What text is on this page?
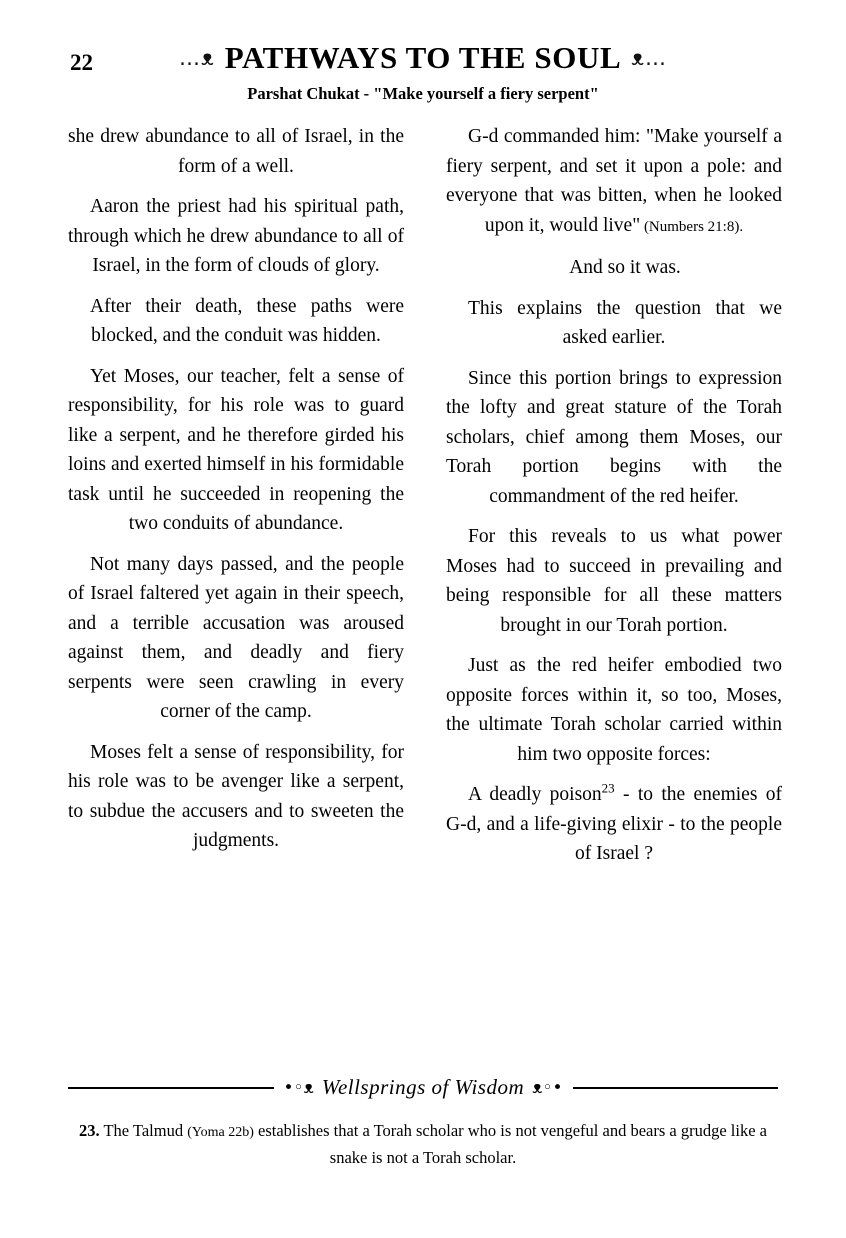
22	…ᴥ PATHWAYS TO THE SOUL ᴥ…
Parshat Chukat - "Make yourself a fiery serpent"

she drew abundance to all of Israel, in the form of a well.

Aaron the priest had his spiritual path, through which he drew abundance to all of Israel, in the form of clouds of glory.

After their death, these paths were blocked, and the conduit was hidden.

Yet Moses, our teacher, felt a sense of responsibility, for his role was to guard like a serpent, and he therefore girded his loins and exerted himself in his formidable task until he succeeded in reopening the two conduits of abundance.

Not many days passed, and the people of Israel faltered yet again in their speech, and a terrible accusation was aroused against them, and deadly and fiery serpents were seen crawling in every corner of the camp.

Moses felt a sense of responsibility, for his role was to be avenger like a serpent, to subdue the accusers and to sweeten the judgments.

G-d commanded him: "Make yourself a fiery serpent, and set it upon a pole: and everyone that was bitten, when he looked upon it, would live" (Numbers 21:8).

And so it was.

This explains the question that we asked earlier.

Since this portion brings to expression the lofty and great stature of the Torah scholars, chief among them Moses, our Torah portion begins with the commandment of the red heifer.

For this reveals to us what power Moses had to succeed in prevailing and being responsible for all these matters brought in our Torah portion.

Just as the red heifer embodied two opposite forces within it, so too, Moses, the ultimate Torah scholar carried within him two opposite forces:

A deadly poison$^{23}$ - to the enemies of G-d, and a life-giving elixir - to the people of Israel ?

•◦ᴥ Wellsprings of Wisdom ᴥ◦•

23. The Talmud (Yoma 22b) establishes that a Torah scholar who is not vengeful and bears a grudge like a snake is not a Torah scholar.
